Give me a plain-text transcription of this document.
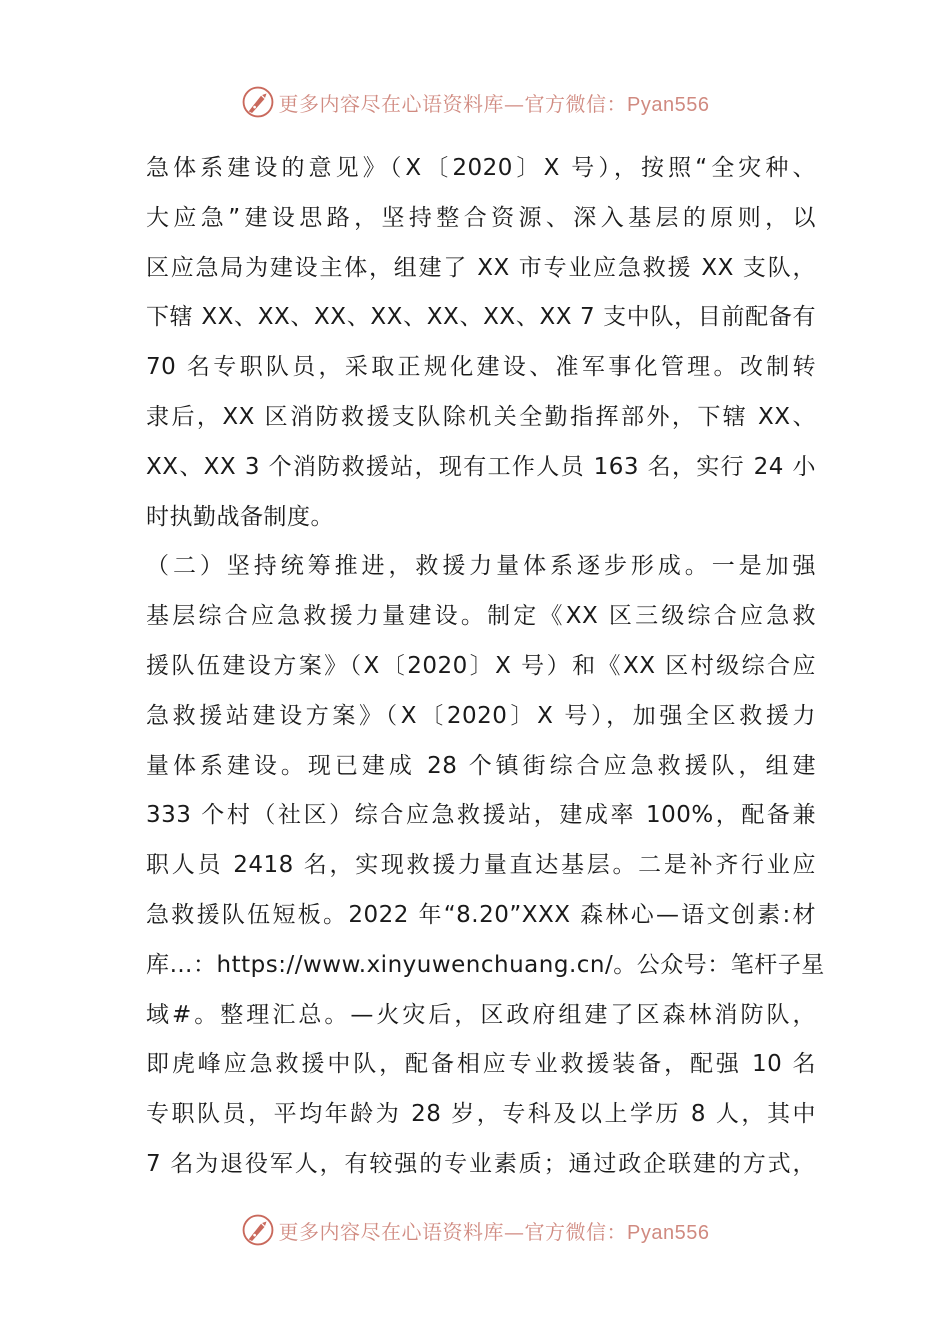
更多内容尽在心语资料库—官方微信：Pyan556
急体系建设的意见》（X〔2020〕X 号），按照“全灾种、
大应急”建设思路，坚持整合资源、深入基层的原则，以
区应急局为建设主体，组建了 XX 市专业应急救援 XX 支队，
下辖 XX、XX、XX、XX、XX、XX、XX 7 支中队，目前配备有
70 名专职队员，采取正规化建设、准军事化管理。改制转
隶后，XX 区消防救援支队除机关全勤指挥部外，下辖 XX、
XX、XX 3 个消防救援站，现有工作人员 163 名，实行 24 小
时执勤战备制度。
（二）坚持统筹推进，救援力量体系逐步形成。一是加强
基层综合应急救援力量建设。制定《XX 区三级综合应急救
援队伍建设方案》（X〔2020〕X 号）和《XX 区村级综合应
急救援站建设方案》（X〔2020〕X 号），加强全区救援力
量体系建设。现已建成 28 个镇街综合应急救援队，组建
333 个村（社区）综合应急救援站，建成率 100%，配备兼
职人员 2418 名，实现救援力量直达基层。二是补齐行业应
急救援队伍短板。2022 年“8.20”XXX 森林心—语文创素:材
库…：https://www.xinyuwenchuang.cn/。公众号：笔杆子星
域#。整理汇总。—火灾后，区政府组建了区森林消防队，
即虎峰应急救援中队，配备相应专业救援装备，配强 10 名
专职队员，平均年龄为 28 岁，专科及以上学历 8 人，其中
7 名为退役军人，有较强的专业素质；通过政企联建的方式，
更多内容尽在心语资料库—官方微信：Pyan556
